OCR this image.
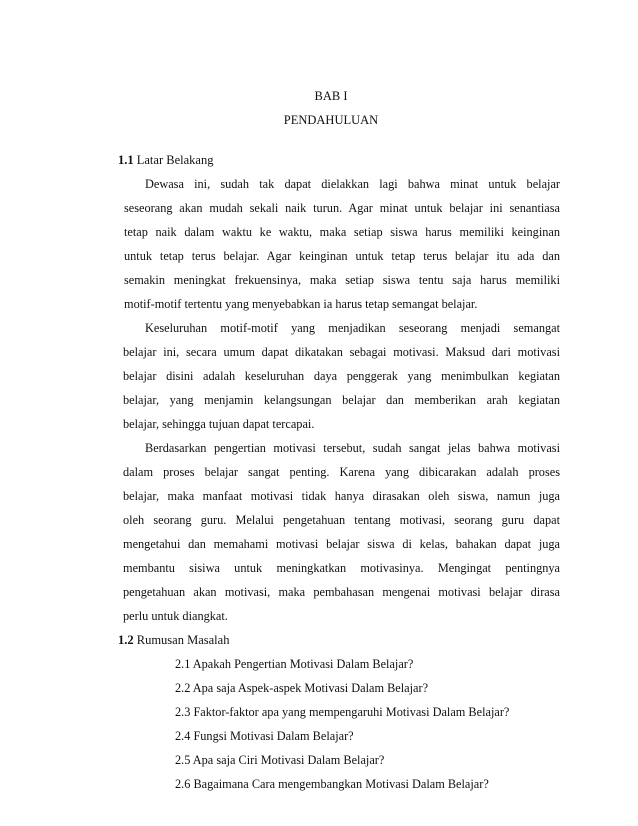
BAB I
PENDAHULUAN
1.1 Latar Belakang
Dewasa ini, sudah tak dapat dielakkan lagi bahwa minat untuk belajar
seseorang akan mudah sekali naik turun. Agar minat untuk belajar ini senantiasa
tetap naik dalam waktu ke waktu, maka setiap siswa harus memiliki keinginan
untuk tetap terus belajar. Agar keinginan untuk tetap terus belajar itu ada dan
semakin meningkat frekuensinya, maka setiap siswa tentu saja harus memiliki
motif-motif tertentu yang menyebabkan ia harus tetap semangat belajar.
Keseluruhan motif-motif yang menjadikan seseorang menjadi semangat
belajar ini, secara umum dapat dikatakan sebagai motivasi. Maksud dari motivasi
belajar disini adalah keseluruhan daya penggerak yang menimbulkan kegiatan
belajar, yang menjamin kelangsungan belajar dan memberikan arah kegiatan
belajar, sehingga tujuan dapat tercapai.
Berdasarkan pengertian motivasi tersebut, sudah sangat jelas bahwa motivasi
dalam proses belajar sangat penting. Karena yang dibicarakan adalah proses
belajar, maka manfaat motivasi tidak hanya dirasakan oleh siswa, namun juga
oleh seorang guru. Melalui pengetahuan tentang motivasi, seorang guru dapat
mengetahui dan memahami motivasi belajar siswa di kelas, bahakan dapat juga
membantu sisiwa untuk meningkatkan motivasinya. Mengingat pentingnya
pengetahuan akan motivasi, maka pembahasan mengenai motivasi belajar dirasa
perlu untuk diangkat.
1.2 Rumusan Masalah
2.1 Apakah Pengertian Motivasi Dalam Belajar?
2.2 Apa saja Aspek-aspek Motivasi Dalam Belajar?
2.3 Faktor-faktor apa yang mempengaruhi Motivasi Dalam Belajar?
2.4 Fungsi Motivasi Dalam Belajar?
2.5 Apa saja Ciri Motivasi Dalam Belajar?
2.6 Bagaimana Cara mengembangkan Motivasi Dalam Belajar?
